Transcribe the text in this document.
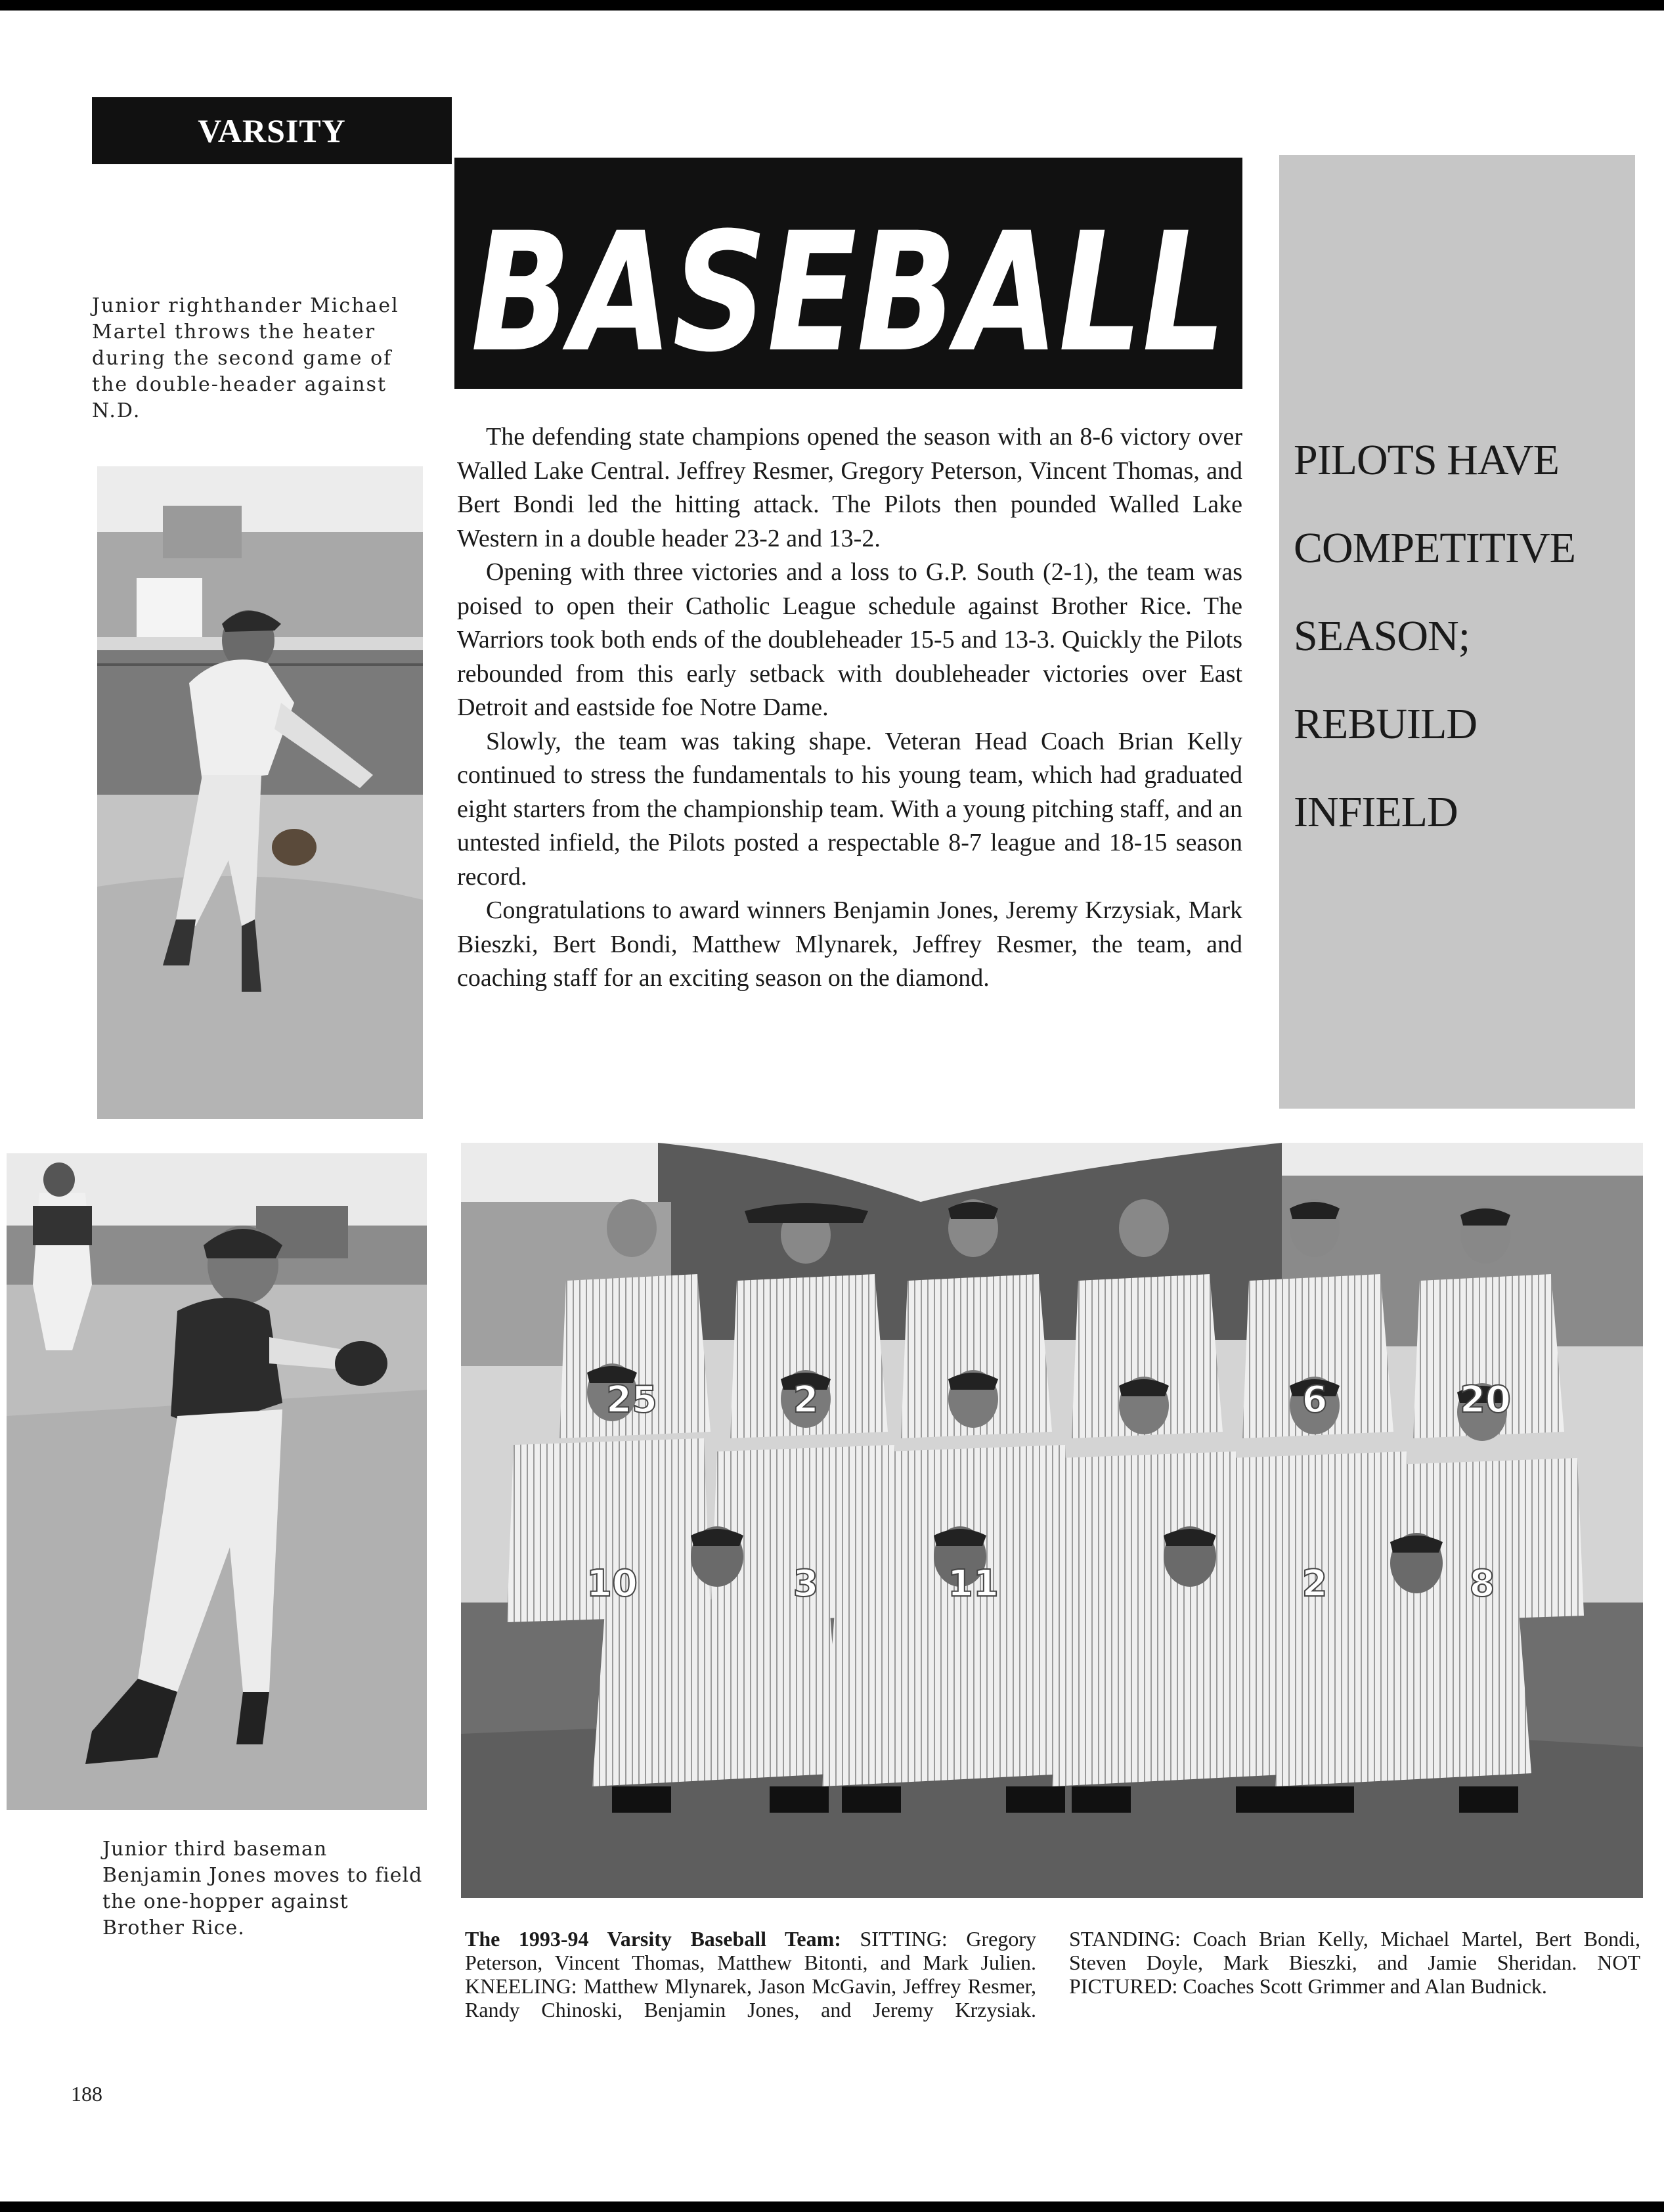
VARSITY
BASEBALL
Junior righthander Michael Martel throws the heater during the second game of the double-header against N.D.

The defending state champions opened the season with an 8-6 victory over Walled Lake Central. Jeffrey Resmer, Gregory Peterson, Vincent Thomas, and Bert Bondi led the hitting attack. The Pilots then pounded Walled Lake Western in a double header 23-2 and 13-2.

Opening with three victories and a loss to G.P. South (2-1), the team was poised to open their Catholic League schedule against Brother Rice. The Warriors took both ends of the doubleheader 15-5 and 13-3. Quickly the Pilots rebounded from this early setback with doubleheader victories over East Detroit and eastside foe Notre Dame.

Slowly, the team was taking shape. Veteran Head Coach Brian Kelly continued to stress the fundamentals to his young team, which had graduated eight starters from the championship team. With a young pitching staff, and an untested infield, the Pilots posted a respectable 8-7 league and 18-15 season record.

Congratulations to award winners Benjamin Jones, Jeremy Krzysiak, Mark Bieszki, Bert Bondi, Matthew Mlynarek, Jeffrey Resmer, the team, and coaching staff for an exciting season on the diamond.

PILOTS HAVE
COMPETITIVE
SEASON;
REBUILD
INFIELD
Junior third baseman Benjamin Jones moves to field the one-hopper against Brother Rice.
25	2	6	20
10	3	11	2	8
The 1993-94 Varsity Baseball Team: SITTING: Gregory Peterson, Vincent Thomas, Matthew Bitonti, and Mark Julien. KNEELING: Matthew Mlynarek, Jason McGavin, Jeffrey Resmer, Randy Chinoski, Benjamin Jones, and Jeremy Krzysiak. STANDING: Coach Brian Kelly, Michael Martel, Bert Bondi, Steven Doyle, Mark Bieszki, and Jamie Sheridan. NOT PICTURED: Coaches Scott Grimmer and Alan Budnick.
188
